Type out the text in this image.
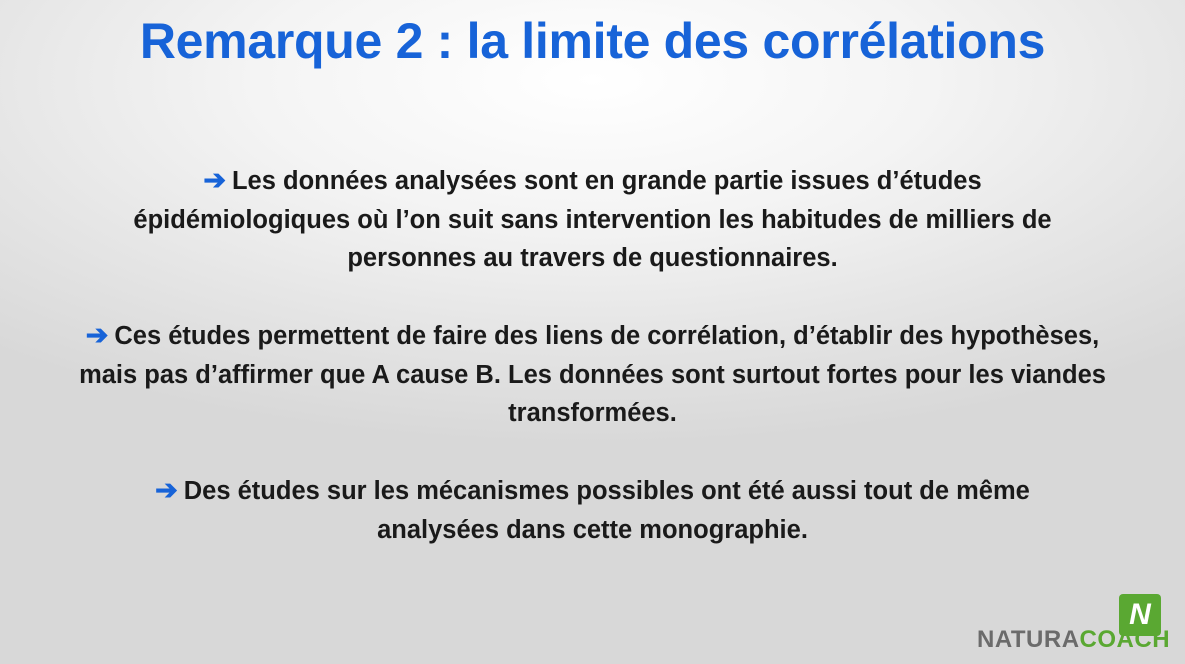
Remarque 2 : la limite des corrélations

➔ Les données analysées sont en grande partie issues d’études épidémiologiques où l’on suit sans intervention les habitudes de milliers de personnes au travers de questionnaires.

➔ Ces études permettent de faire des liens de corrélation, d’établir des hypothèses, mais pas d’affirmer que A cause B. Les données sont surtout fortes pour les viandes transformées.

➔ Des études sur les mécanismes possibles ont été aussi tout de même analysées dans cette monographie.

N
NATURACOACH
